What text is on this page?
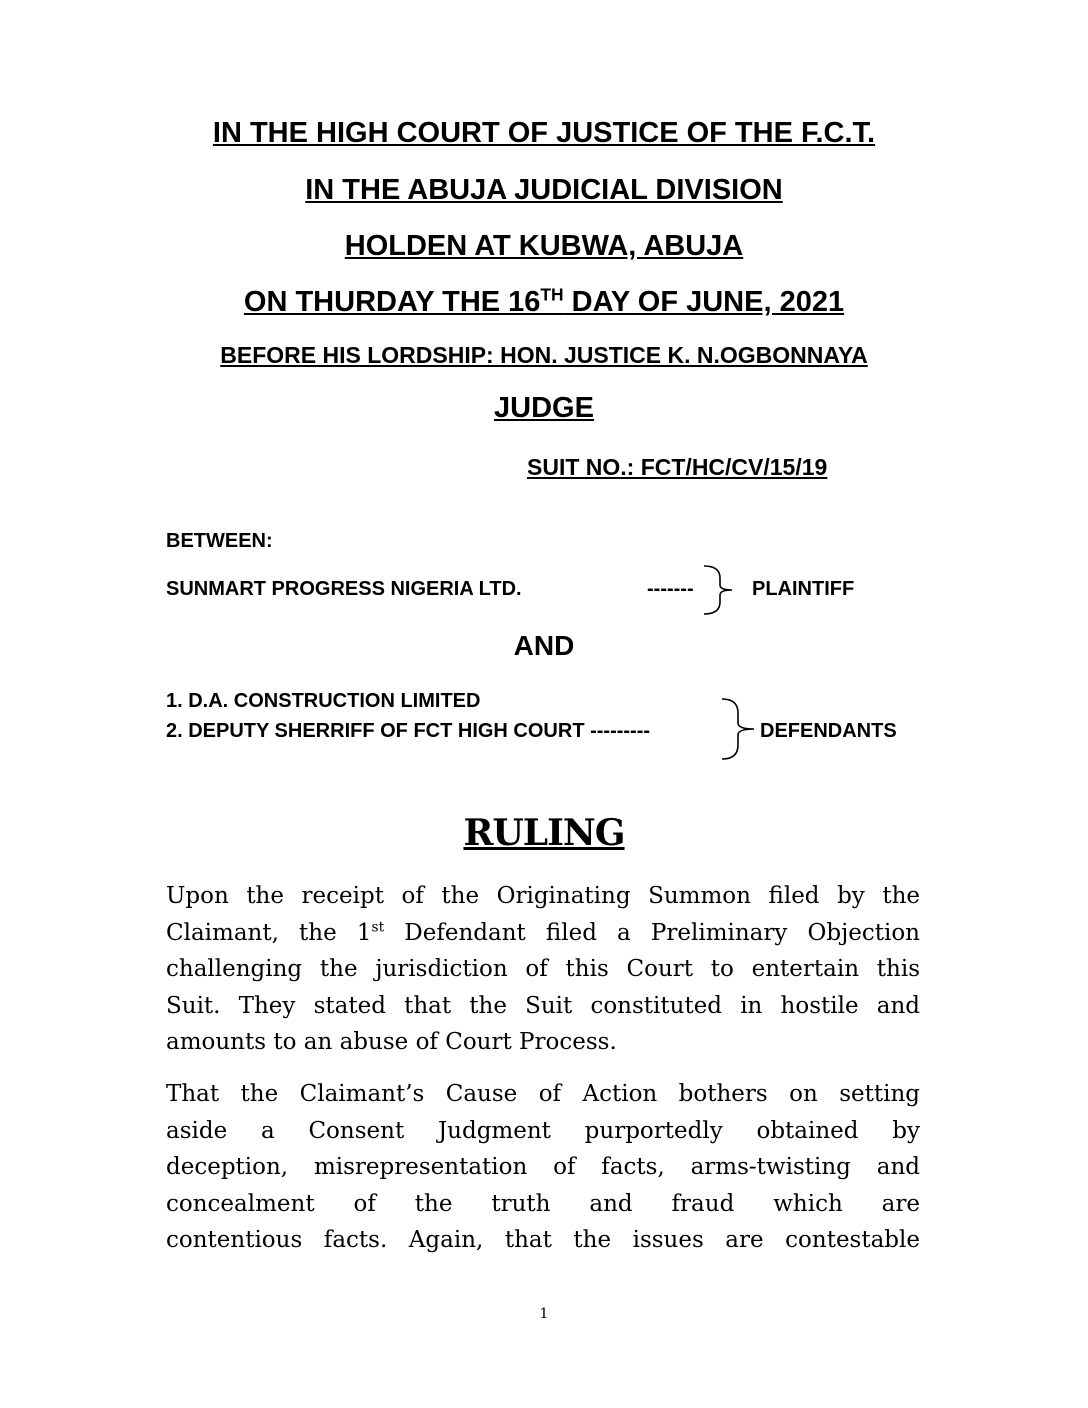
IN THE HIGH COURT OF JUSTICE OF THE F.C.T.
IN THE ABUJA JUDICIAL DIVISION
HOLDEN AT KUBWA, ABUJA
ON THURDAY THE 16TH DAY OF JUNE, 2021
BEFORE HIS LORDSHIP: HON. JUSTICE K. N.OGBONNAYA
JUDGE
SUIT NO.: FCT/HC/CV/15/19
BETWEEN:
SUNMART PROGRESS NIGERIA LTD.	-------	PLAINTIFF
AND
1. D.A. CONSTRUCTION LIMITED
2. DEPUTY SHERRIFF OF FCT HIGH COURT ---------	DEFENDANTS
RULING
Upon the receipt of the Originating Summon filed by the
Claimant, the 1st Defendant filed a Preliminary Objection
challenging the jurisdiction of this Court to entertain this
Suit. They stated that the Suit constituted in hostile and
amounts to an abuse of Court Process.
That the Claimant’s Cause of Action bothers on setting
aside a Consent Judgment purportedly obtained by
deception, misrepresentation of facts, arms-twisting and
concealment of the truth and fraud which are
contentious facts. Again, that the issues are contestable
1
